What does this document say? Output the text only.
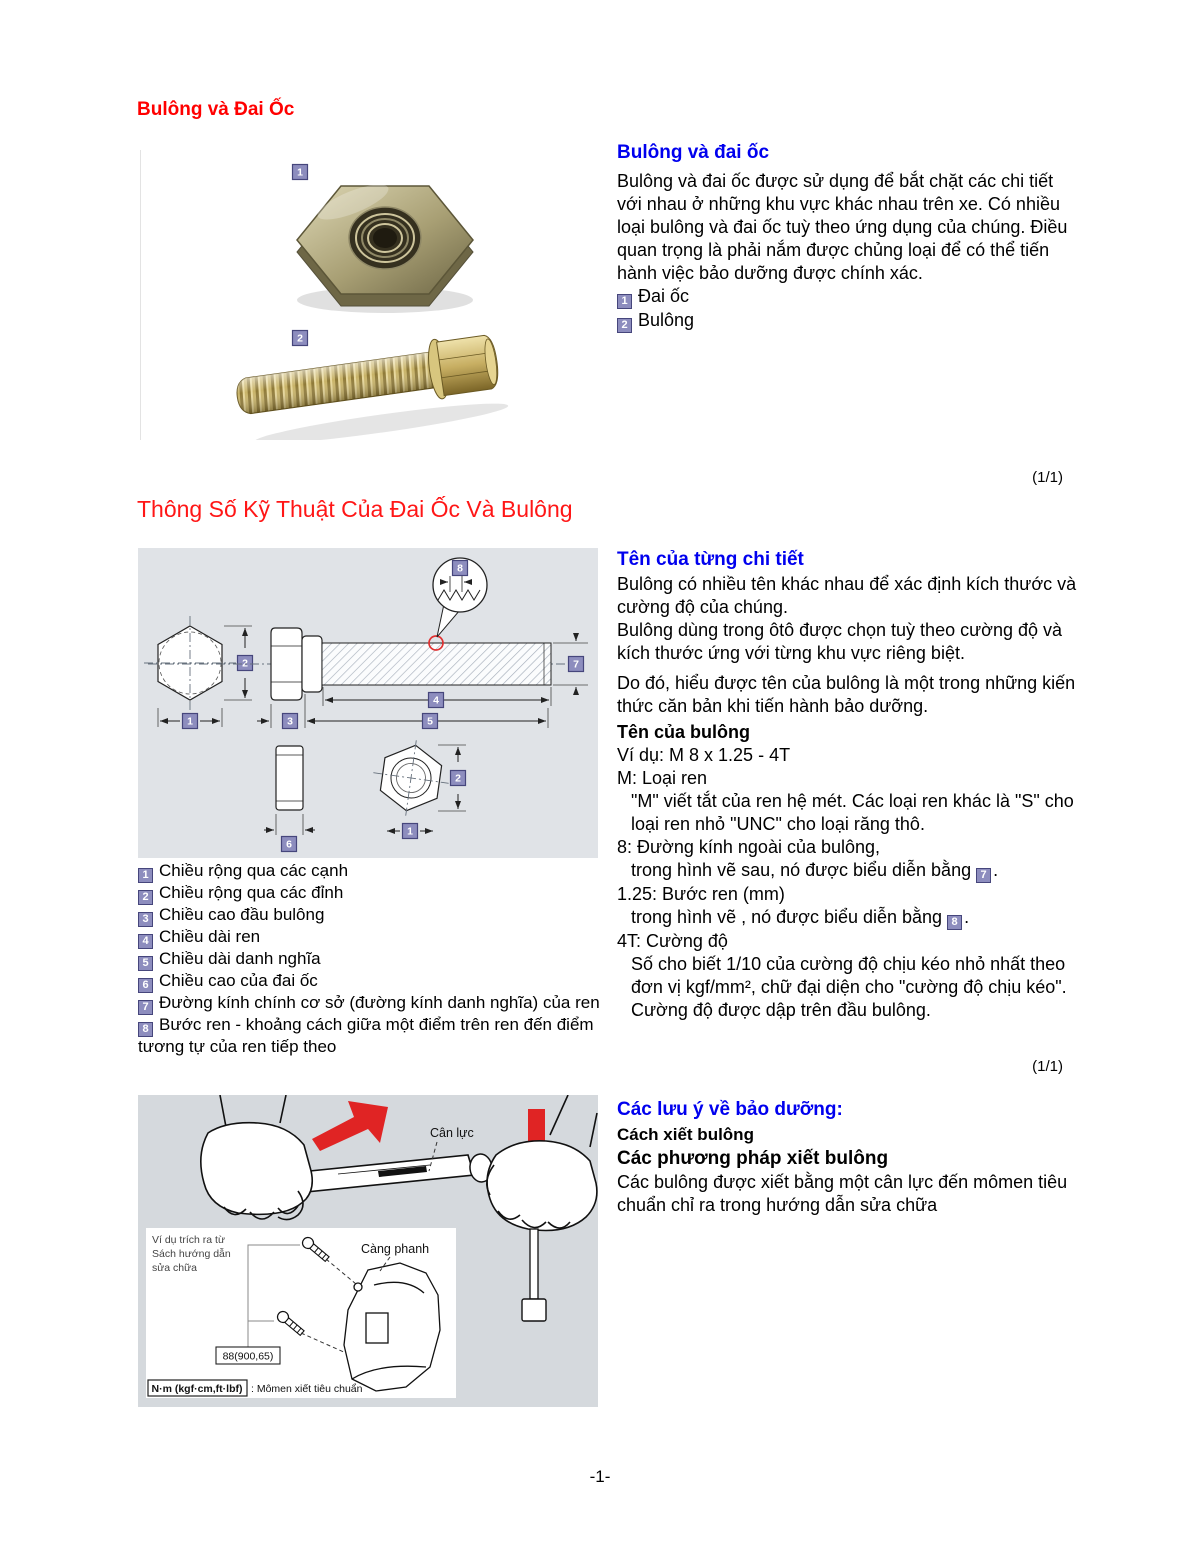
Bulông và Đai Ốc
1
2
Bulông và đai ốc

Bulông và đai ốc được sử dụng để bắt chặt các chi tiết với nhau ở những khu vực khác nhau trên xe. Có nhiều loại bulông và đai ốc tuỳ theo ứng dụng của chúng. Điều quan trọng là phải nắm được chủng loại để có thể tiến hành việc bảo dưỡng được chính xác.

1 Đai ốc
2 Bulông
(1/1)
Thông Số Kỹ Thuật Của Đai Ốc Và Bulông
2
1
8
7
4
5
3
6
2
1
1 Chiều rộng qua các cạnh
2 Chiều rộng qua các đỉnh
3 Chiều cao đầu bulông
4 Chiều dài ren
5 Chiều dài danh nghĩa
6 Chiều cao của đai ốc
7 Đường kính chính cơ sở (đường kính danh nghĩa) của ren
8 Bước ren - khoảng cách giữa một điểm trên ren đến điểm tương tự của ren tiếp theo
Tên của từng chi tiết

Bulông có nhiều tên khác nhau để xác định kích thước và cường độ của chúng.

Bulông dùng trong ôtô được chọn tuỳ theo cường độ và kích thước ứng với từng khu vực riêng biệt.

Do đó, hiểu được tên của bulông là một trong những kiến thức căn bản khi tiến hành bảo dưỡng.

Tên của bulông

Ví dụ: M 8 x 1.25 - 4T

M: Loại ren

"M" viết tắt của ren hệ mét. Các loại ren khác là "S" cho loại ren nhỏ "UNC" cho loại răng thô.

8: Đường kính ngoài của bulông,

trong hình vẽ sau, nó được biểu diễn bằng 7 .

1.25: Bước ren (mm)

trong hình vẽ , nó được biểu diễn bằng 8 .

4T: Cường độ

Số cho biết 1/10 của cường độ chịu kéo nhỏ nhất theo đơn vị kgf/mm², chữ đại diện cho "cường độ chịu kéo". Cường độ được dập trên đầu bulông.

(1/1)
Cân lực
Ví dụ trích ra từ
Sách hướng dẫn
sửa chữa
88(900,65)
Càng phanh
N·m (kgf·cm,ft·lbf) : Mômen xiết tiêu chuẩn
Các lưu ý về bảo dưỡng:

Cách xiết bulông

Các phương pháp xiết bulông

Các bulông được xiết bằng một cân lực đến mômen tiêu chuẩn chỉ ra trong hướng dẫn sửa chữa

-1-
